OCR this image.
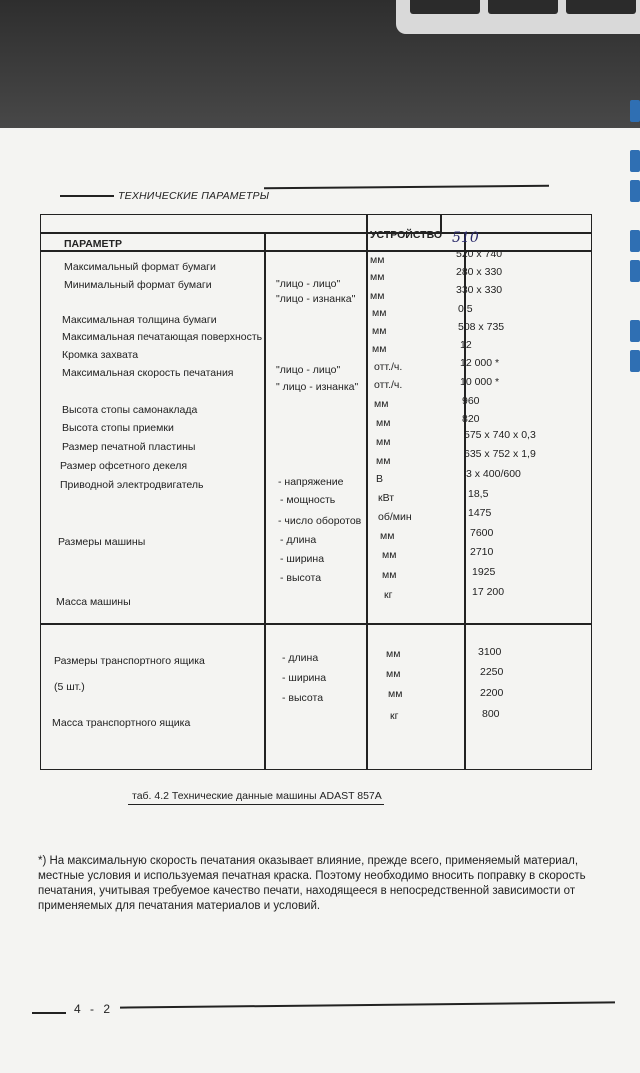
ТЕХНИЧЕСКИЕ ПАРАМЕТРЫ
ПАРАМЕТР
УСТРОЙСТВО 510
Максимальный формат бумаги
Минимальный формат бумаги
Максимальная толщина бумаги
Максимальная печатающая поверхность
Кромка захвата
Максимальная скорость печатания
Высота стопы самонаклада
Высота стопы приемки
Размер печатной пластины
Размер офсетного декеля
Приводной электродвигатель
Размеры машины
Масса машины
"лицо - лицо"
"лицо - изнанка"
"лицо - лицо"
" лицо - изнанка"
- напряжение
- мощность
- число оборотов
- длина
- ширина
- высота
мм
мм
мм
мм
мм
мм
отт./ч.
отт./ч.
мм
мм
мм
мм
В
кВт
об/мин
мм
мм
мм
кг
520 x 740
280 x 330
330 x 330
0,5
508 x 735
12
12 000 *
10 000 *
960
820
575 x 740 x 0,3
635 x 752 x 1,9
3 x 400/600
18,5
1475
7600
2710
1925
17 200
Размеры транспортного ящика
(5 шт.)
Масса транспортного ящика
- длина
- ширина
- высота
мм
мм
мм
кг
3100
2250
2200
800
таб. 4.2 Технические данные машины ADAST 857A
*) На максимальную скорость печатания оказывает влияние, прежде всего, применяемый материал, местные условия и используемая печатная краска. Поэтому необходимо вносить поправку в скорость печатания, учитывая требуемое качество печати, находящееся в непосредственной зависимости от применяемых для печатания материалов и условий.
4 - 2
